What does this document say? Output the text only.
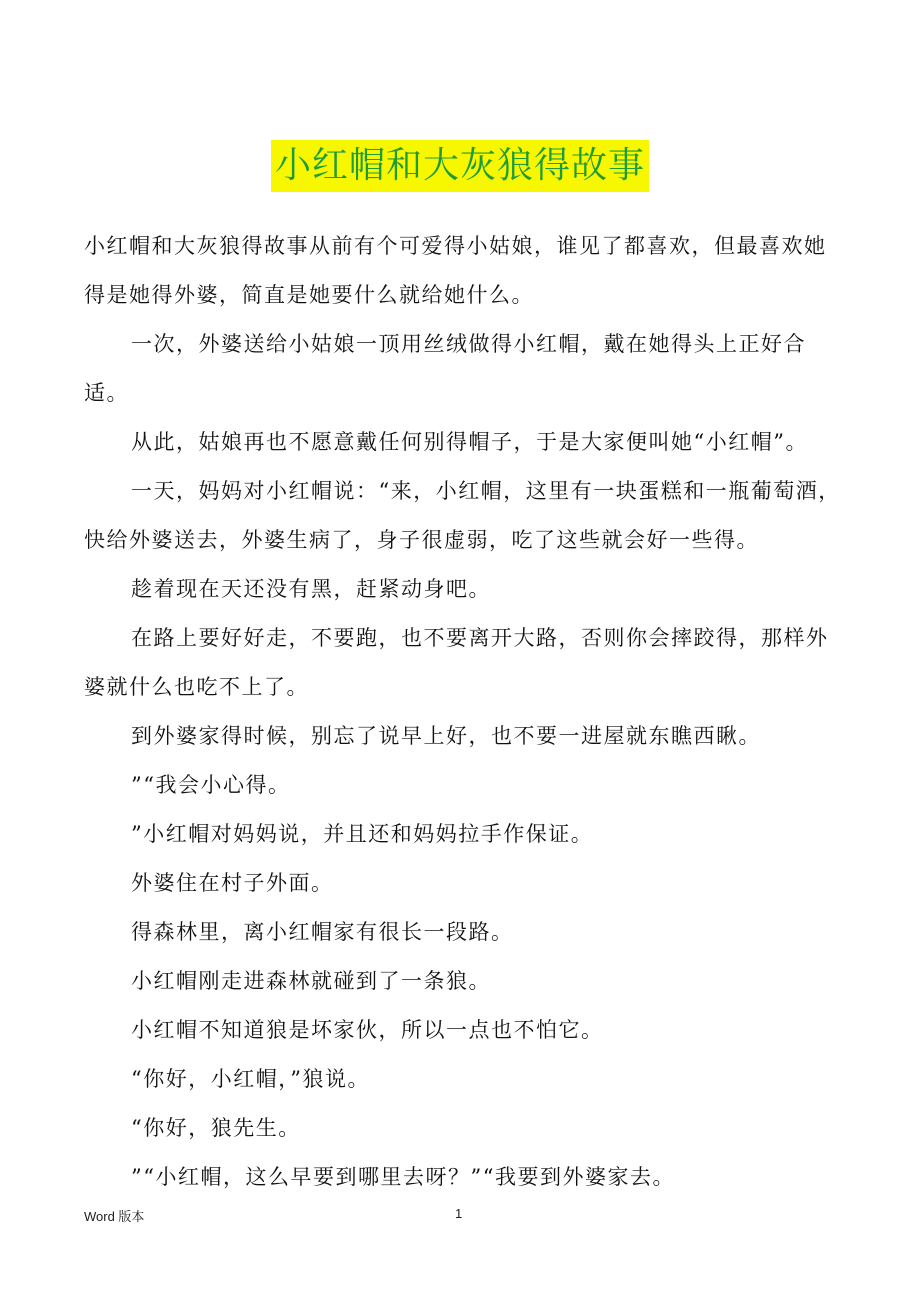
小红帽和大灰狼得故事

小红帽和大灰狼得故事从前有个可爱得小姑娘，谁见了都喜欢，但最喜欢她得是她得外婆，简直是她要什么就给她什么。

一次，外婆送给小姑娘一顶用丝绒做得小红帽，戴在她得头上正好合适。

从此，姑娘再也不愿意戴任何别得帽子，于是大家便叫她“小红帽”。

一天，妈妈对小红帽说：“来，小红帽，这里有一块蛋糕和一瓶葡萄酒，快给外婆送去，外婆生病了，身子很虚弱，吃了这些就会好一些得。

趁着现在天还没有黑，赶紧动身吧。

在路上要好好走，不要跑，也不要离开大路，否则你会摔跤得，那样外婆就什么也吃不上了。

到外婆家得时候，别忘了说早上好，也不要一进屋就东瞧西瞅。

”“我会小心得。

”小红帽对妈妈说，并且还和妈妈拉手作保证。

外婆住在村子外面。

得森林里，离小红帽家有很长一段路。

小红帽刚走进森林就碰到了一条狼。

小红帽不知道狼是坏家伙，所以一点也不怕它。

“你好，小红帽，”狼说。

“你好，狼先生。

”“小红帽，这么早要到哪里去呀？”“我要到外婆家去。

Word 版本	1
